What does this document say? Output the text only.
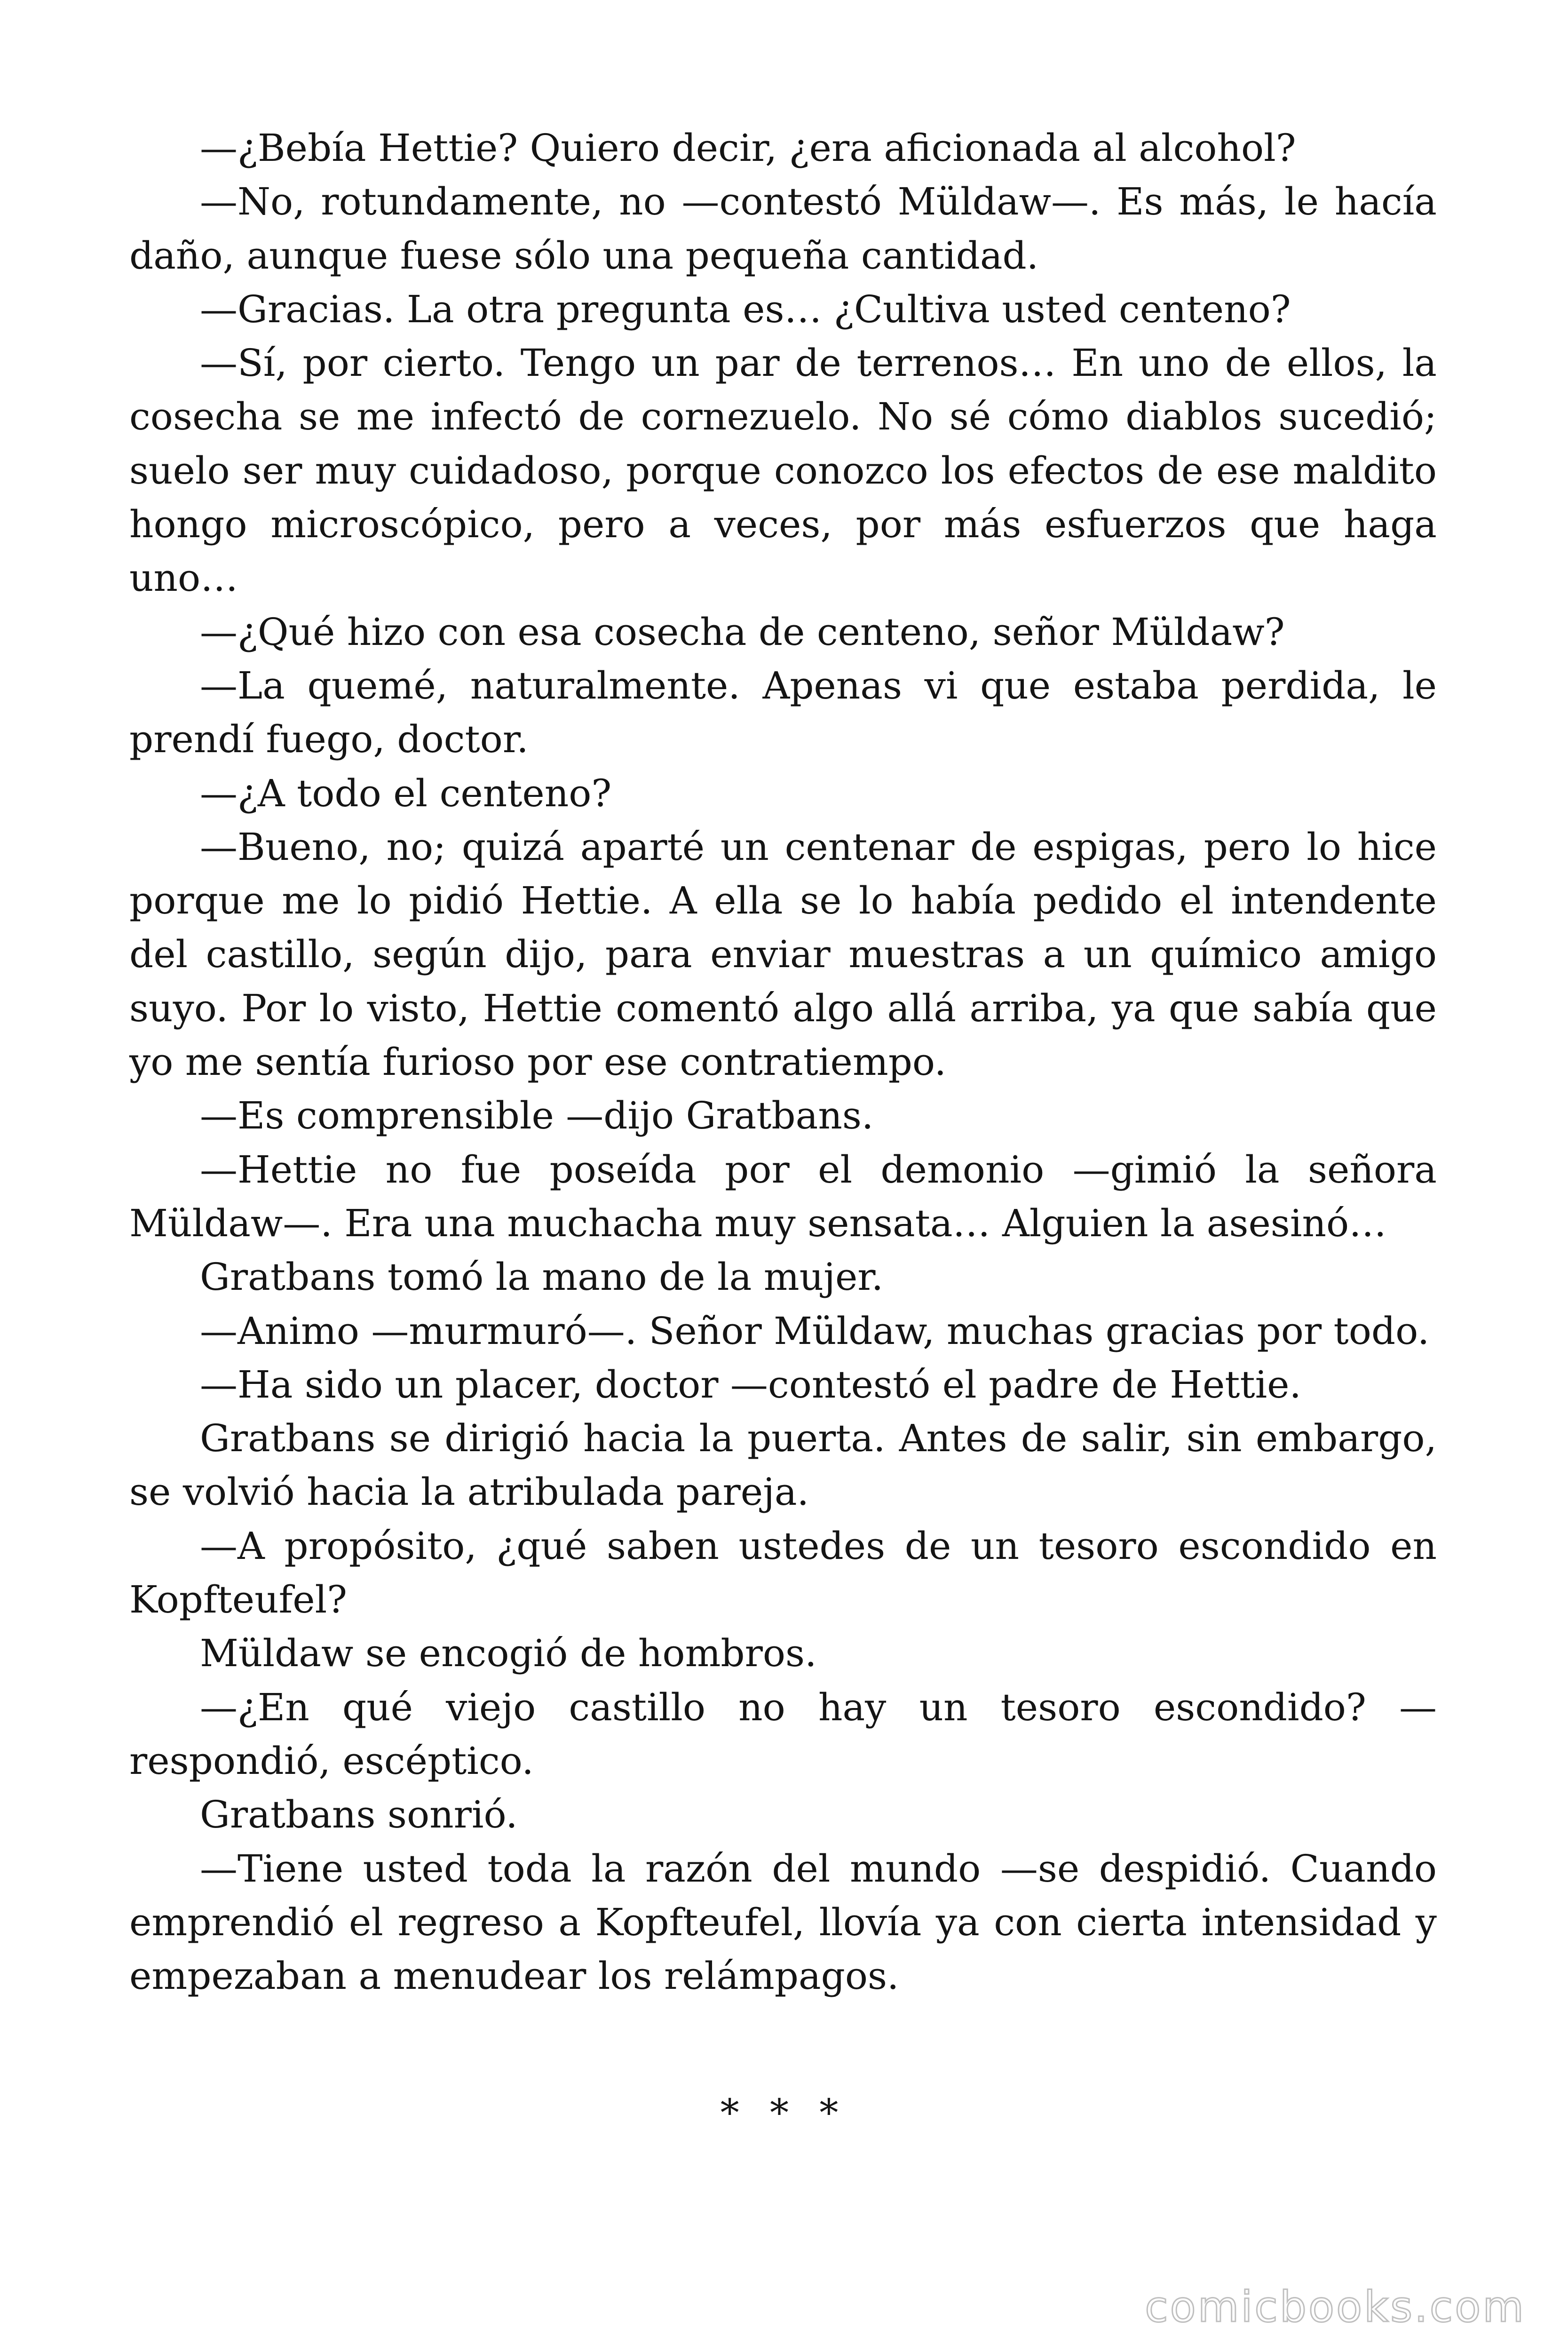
—¿Bebía Hettie? Quiero decir, ¿era aficionada al alcohol?

—No, rotundamente, no —contestó Müldaw—. Es más, le hacía daño, aunque fuese sólo una pequeña cantidad.

—Gracias. La otra pregunta es… ¿Cultiva usted centeno?

—Sí, por cierto. Tengo un par de terrenos… En uno de ellos, la cosecha se me infectó de cornezuelo. No sé cómo diablos sucedió; suelo ser muy cuidadoso, porque conozco los efectos de ese maldito hongo microscópico, pero a veces, por más esfuerzos que haga uno…

—¿Qué hizo con esa cosecha de centeno, señor Müldaw?

—La quemé, naturalmente. Apenas vi que estaba perdida, le prendí fuego, doctor.

—¿A todo el centeno?

—Bueno, no; quizá aparté un centenar de espigas, pero lo hice porque me lo pidió Hettie. A ella se lo había pedido el intendente del castillo, según dijo, para enviar muestras a un químico amigo suyo. Por lo visto, Hettie comentó algo allá arriba, ya que sabía que yo me sentía furioso por ese contratiempo.

—Es comprensible —dijo Gratbans.

—Hettie no fue poseída por el demonio —gimió la señora Müldaw—. Era una muchacha muy sensata… Alguien la asesinó…

Gratbans tomó la mano de la mujer.

—Animo —murmuró—. Señor Müldaw, muchas gracias por todo.

—Ha sido un placer, doctor —contestó el padre de Hettie.

Gratbans se dirigió hacia la puerta. Antes de salir, sin embargo, se volvió hacia la atribulada pareja.

—A propósito, ¿qué saben ustedes de un tesoro escondido en Kopfteufel?

Müldaw se encogió de hombros.

—¿En qué viejo castillo no hay un tesoro escondido? —respondió, escéptico.

Gratbans sonrió.

—Tiene usted toda la razón del mundo —se despidió. Cuando emprendió el regreso a Kopfteufel, llovía ya con cierta intensidad y empezaban a menudear los relámpagos.

* * *
comicbooks.com
